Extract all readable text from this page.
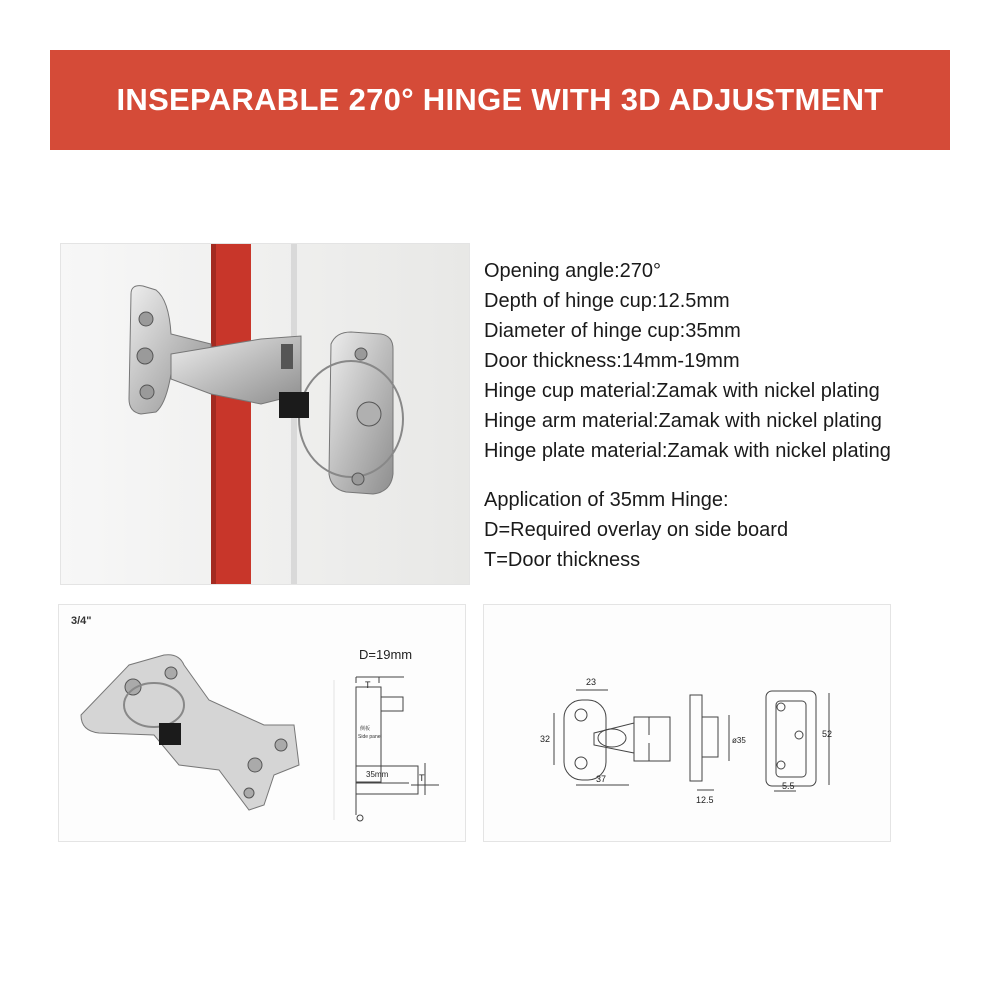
INSEPARABLE 270° HINGE WITH 3D ADJUSTMENT
Opening angle:270°
Depth of hinge cup:12.5mm
Diameter of hinge cup:35mm
Door thickness:14mm-19mm
Hinge cup material:Zamak with nickel plating
Hinge arm material:Zamak with nickel plating
Hinge plate material:Zamak with nickel plating
Application of 35mm Hinge:
D=Required overlay on side board
T=Door thickness
3/4"
D=19mm
T
侧板
Side panel
35mm	T
23
32
37
ø35
12.5
52
5.5
